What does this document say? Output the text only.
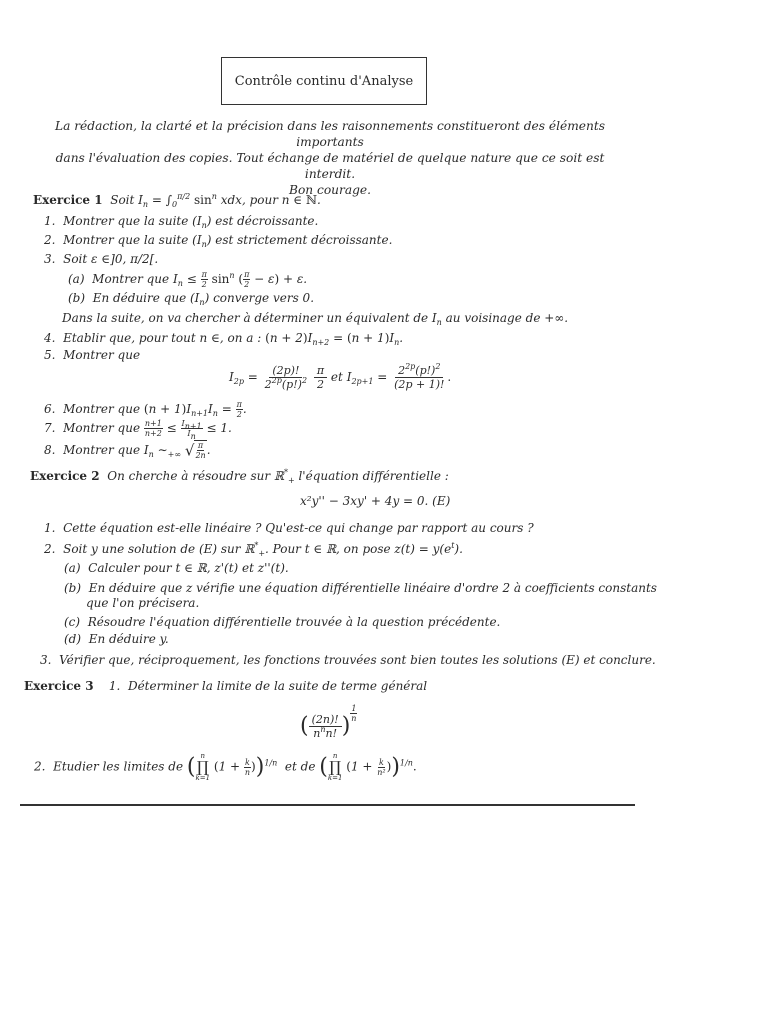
Contrôle continu d'Analyse
La rédaction, la clarté et la précision dans les raisonnements constitueront des éléments importants
dans l'évaluation des copies. Tout échange de matériel de quelque nature que ce soit est interdit.
Bon courage.
Exercice 1 Soit $I_n = \int_0^{\pi/2}$ $\sin^n$ xdx, pour n ∈ ℕ.
1. Montrer que la suite $(I_n)$ est décroissante.
2. Montrer que la suite $(I_n)$ est strictement décroissante.
3. Soit ε ∈]0, π/2[.
(a) Montrer que $I_n \le \frac{\pi}{2} \sin^n$ ( $\frac{\pi}{2} - \varepsilon) + \varepsilon$.
(b) En déduire que $(I_n)$ converge vers 0.
Dans la suite, on va chercher à déterminer un équivalent de $I_n$ au voisinage de +∞.
4. Etablir que, pour tout n ∈, on a : $(n + 2)I_{n+2} = (n + 1)I_n$.
5. Montrer que
$I_{2p} = \frac{(2p)!}{2^{2p}(p!)^2}$
$\frac{\pi}{2}$ et $I_{2p+1} = \frac{2^{2p}(p!)^2}{(2p + 1)!}$ .
6. Montrer que $(n + 1)I_{n+1}I_n = \frac{\pi}{2}$ .
7. Montrer que $\frac{n+1}{n+2} \le \frac{I_{n+1}}{I_n} \le 1$.
8. Montrer que $I_n$ $\sim_{+\infty}$ √ $\frac{\pi}{2n}$ .
Exercice 2 On cherche à résoudre sur ℝ*$_+$ l'équation différentielle :
x²y'' − 3xy' + 4y = 0. (E)
1. Cette équation est-elle linéaire ? Qu'est-ce qui change par rapport au cours ?
2. Soit y une solution de (E) sur ℝ*$_+$. Pour t ∈ ℝ, on pose $z(t) = y(e^t)$.
(a) Calculer pour t ∈ ℝ, z'(t) et z''(t).
(b) En déduire que z vérifie une équation différentielle linéaire d'ordre 2 à coefficients constants
que l'on précisera.
(c) Résoudre l'équation différentielle trouvée à la question précédente.
(d) En déduire y.
3. Vérifier que, réciproquement, les fonctions trouvées sont bien toutes les solutions (E) et conclure.
Exercice 3 1. Déterminer la limite de la suite de terme général
( $\frac{(2n)!}{n^nn!}$ ) $^{\frac{1}{n}}$
2. Etudier les limites de ( n
∏
k=1
$(1 + \frac{k}{n} ))^{1/n}$ et de ( n
∏
k=1
$(1 + \frac{k}{\text{n²}} ))^{1/n}$.
